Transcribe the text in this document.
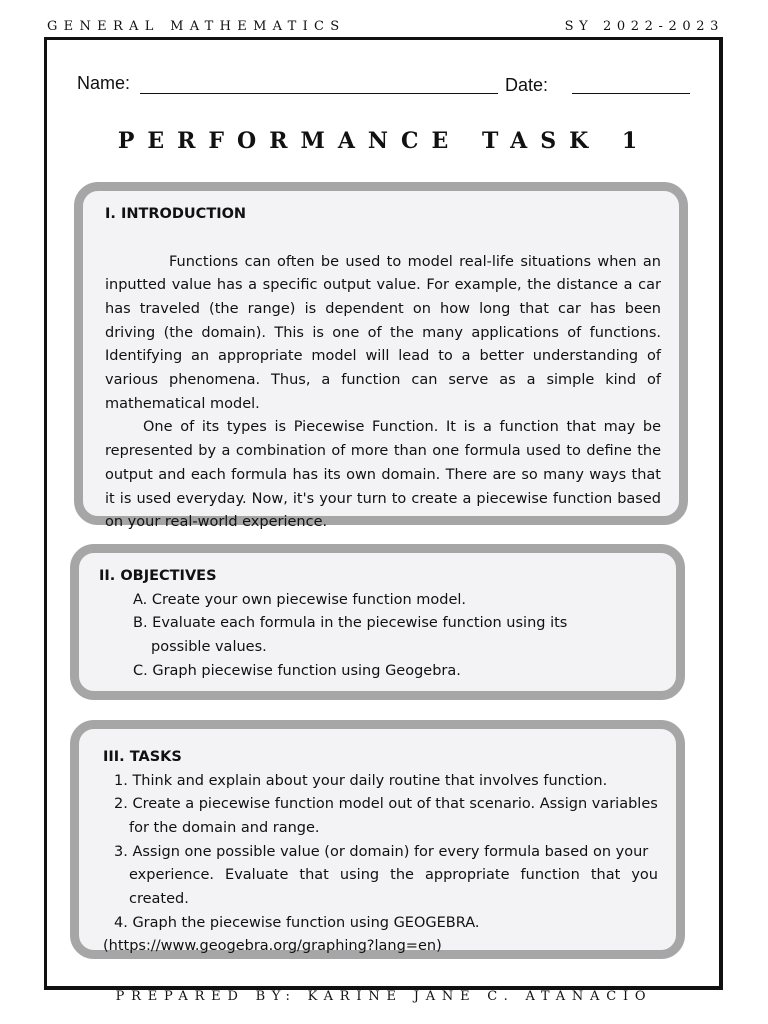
GENERAL MATHEMATICS	SY 2022-2023
Name:	Date:
PERFORMANCE TASK 1
I. INTRODUCTION

Functions can often be used to model real-life situations when an inputted value has a specific output value. For example, the distance a car has traveled (the range) is dependent on how long that car has been driving (the domain). This is one of the many applications of functions. Identifying an appropriate model will lead to a better understanding of various phenomena. Thus, a function can serve as a simple kind of mathematical model.

One of its types is Piecewise Function. It is a function that may be represented by a combination of more than one formula used to define the output and each formula has its own domain. There are so many ways that it is used everyday. Now, it's your turn to create a piecewise function based on your real-world experience.

II. OBJECTIVES
A. Create your own piecewise function model.
B. Evaluate each formula in the piecewise function using its
possible values.
C. Graph piecewise function using Geogebra.
III. TASKS
1. Think and explain about your daily routine that involves function.
2. Create a piecewise function model out of that scenario. Assign variables
for the domain and range.
3. Assign one possible value (or domain) for every formula based on your
experience. Evaluate that using the appropriate function that you created.
4. Graph the piecewise function using GEOGEBRA.
(https://www.geogebra.org/graphing?lang=en)
PREPARED BY: KARINE JANE C. ATANACIO
